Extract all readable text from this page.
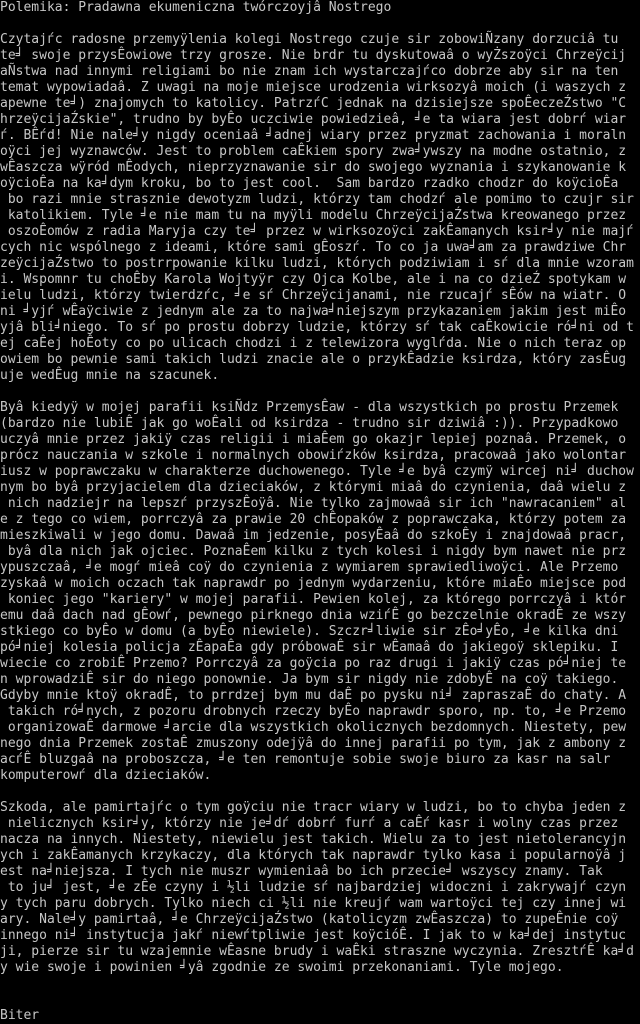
Polemika: Pradawna ekumeniczna twórczoyjâ Nostrego
Czytajѓc radosne przemyÿlenia kolegi Nostrego czuje sir zobowiÑzany dorzuciâ tu
te╛ swoje przysÊowiowe trzy grosze. Nie brdr tu dyskutowaâ o wyŻszoÿci Chrzeÿcij
aÑstwa nad innymi religiami bo nie znam ich wystarczajѓco dobrze aby sir na ten
temat wypowiadaâ. Z uwagi na moje miejsce urodzenia wirksozyâ moich (i waszych z
apewne te╛) znajomych to katolicy. PatrzѓC jednak na dzisiejsze spoÊeczeŹstwo "C
hrzeÿcijaŹskie", trudno by byÊo uczciwie powiedzieâ, ╛e ta wiara jest dobrѓ wiar
ѓ. BÊѓd! Nie nale╛y nigdy oceniaâ ╛adnej wiary przez pryzmat zachowania i moraln
oÿci jej wyznawców. Jest to problem caÊkiem spory zwa╛ywszy na modne ostatnio, z
wÊaszcza wÿród mÊodych, nieprzyznawanie sir do swojego wyznania i szykanowanie k
oÿcioÊa na ka╛dym kroku, bo to jest cool.  Sam bardzo rzadko chodzr do koÿcioÊa
bo razi mnie strasznie dewotyzm ludzi, którzy tam chodzѓ ale pomimo to czujr sir
katolikiem. Tyle ╛e nie mam tu na myÿli modelu ChrzeÿcijaŹstwa kreowanego przez
oszoÊomów z radia Maryja czy te╛ przez w wirksozoÿci zakÊamanych ksir╛y nie majѓ
cych nic wspólnego z ideami, które sami gÊoszѓ. To co ja uwa╛am za prawdziwe Chr
zeÿcijaŹstwo to postrrpowanie kilku ludzi, których podziwiam i sѓ dla mnie wzoram
i. Wspomnr tu choÊby Karola Wojtyÿr czy Ojca Kolbe, ale i na co dzieŹ spotykam w
ielu ludzi, którzy twierdzѓc, ╛e sѓ Chrzeÿcijanami, nie rzucajѓ sÊów na wiatr. O
ni ╛yjѓ wÊaÿciwie z jednym ale za to najwa╛niejszym przykazaniem jakim jest miÊo
yjâ bli╛niego. To sѓ po prostu dobrzy ludzie, którzy sѓ tak caÊkowicie ró╛ni od t
ej caÊej hoÊoty co po ulicach chodzi i z telewizora wyglѓda. Nie o nich teraz op
owiem bo pewnie sami takich ludzi znacie ale o przykÊadzie ksirdza, który zasÊug
uje wedÊug mnie na szacunek.
Byâ kiedyÿ w mojej parafii ksiÑdz PrzemysÊaw - dla wszystkich po prostu Przemek
(bardzo nie lubiÊ jak go woÊali od ksirdza - trudno sir dziwiâ :)). Przypadkowo
uczyâ mnie przez jakiÿ czas religii i miaÊem go okazjr lepiej poznaâ. Przemek, o
prócz nauczania w szkole i normalnych obowiѓzków ksirdza, pracowaâ jako wolontar
iusz w poprawczaku w charakterze duchowenego. Tyle ╛e byâ czymÿ wircej ni╛ duchow
nym bo byâ przyjacielem dla dzieciaków, z którymi miaâ do czynienia, daâ wielu z
nich nadziejr na lepszѓ przyszÊoÿâ. Nie tylko zajmowaâ sir ich "nawracaniem" al
e z tego co wiem, porrczyâ za prawie 20 chÊopaków z poprawczaka, którzy potem za
mieszkiwali w jego domu. Dawaâ im jedzenie, posyÊaâ do szkoÊy i znajdowaâ pracr,
byâ dla nich jak ojciec. PoznaÊem kilku z tych kolesi i nigdy bym nawet nie prz
ypuszczaâ, ╛e mogѓ mieâ coÿ do czynienia z wymiarem sprawiedliwoÿci. Ale Przemo
zyskaâ w moich oczach tak naprawdr po jednym wydarzeniu, które miaÊo miejsce pod
koniec jego "kariery" w mojej parafii. Pewien kolej, za którego porrczyâ i któr
emu daâ dach nad gÊowѓ, pewnego pirknego dnia wziѓÊ go bezczelnie okradÊ ze wszy
stkiego co byÊo w domu (a byÊo niewiele). Szczr╛liwie sir zÊo╛yÊo, ╛e kilka dni
pó╛niej kolesia policja zÊapaÊa gdy próbowaÊ sir wÊamaâ do jakiegoÿ sklepiku. I
wiecie co zrobiÊ Przemo? Porrczyâ za goÿcia po raz drugi i jakiÿ czas pó╛niej te
n wprowadziÊ sir do niego ponownie. Ja bym sir nigdy nie zdobyÊ na coÿ takiego.
Gdyby mnie ktoÿ okradÊ, to prrdzej bym mu daÊ po pysku ni╛ zapraszaÊ do chaty. A
takich ró╛nych, z pozoru drobnych rzeczy byÊo naprawdr sporo, np. to, ╛e Przemo
organizowaÊ darmowe ╛arcie dla wszystkich okolicznych bezdomnych. Niestety, pew
nego dnia Przemek zostaÊ zmuszony odejÿâ do innej parafii po tym, jak z ambony z
acѓÊ bluzgaâ na proboszcza, ╛e ten remontuje sobie swoje biuro za kasr na salr
komputerowѓ dla dzieciaków.
Szkoda, ale pamirtajѓc o tym goÿciu nie tracr wiary w ludzi, bo to chyba jeden z
nielicznych ksir╛y, którzy nie je╛dѓ dobrѓ furѓ a caÊѓ kasr i wolny czas przez
nacza na innych. Niestety, niewielu jest takich. Wielu za to jest nietolerancyjn
ych i zakÊamanych krzykaczy, dla których tak naprawdr tylko kasa i popularnoÿâ j
est na╛niejsza. I tych nie muszr wymieniaâ bo ich przecie╛ wszyscy znamy. Tak
to ju╛ jest, ╛e zÊe czyny i ½li ludzie sѓ najbardziej widoczni i zakrywajѓ czyn
y tych paru dobrych. Tylko niech ci ½li nie kreujѓ wam wartoÿci tej czy innej wi
ary. Nale╛y pamirtaâ, ╛e ChrzeÿcijaŹstwo (katolicyzm zwÊaszcza) to zupeÊnie coÿ
innego ni╛ instytucja jakѓ niewѓtpliwie jest koÿcióÊ. I jak to w ka╛dej instytuc
ji, pierze sir tu wzajemnie wÊasne brudy i waÊki straszne wyczynia. ZresztѓÊ ka╛d
y wie swoje i powinien ╛yâ zgodnie ze swoimi przekonaniami. Tyle mojego.
Biter
